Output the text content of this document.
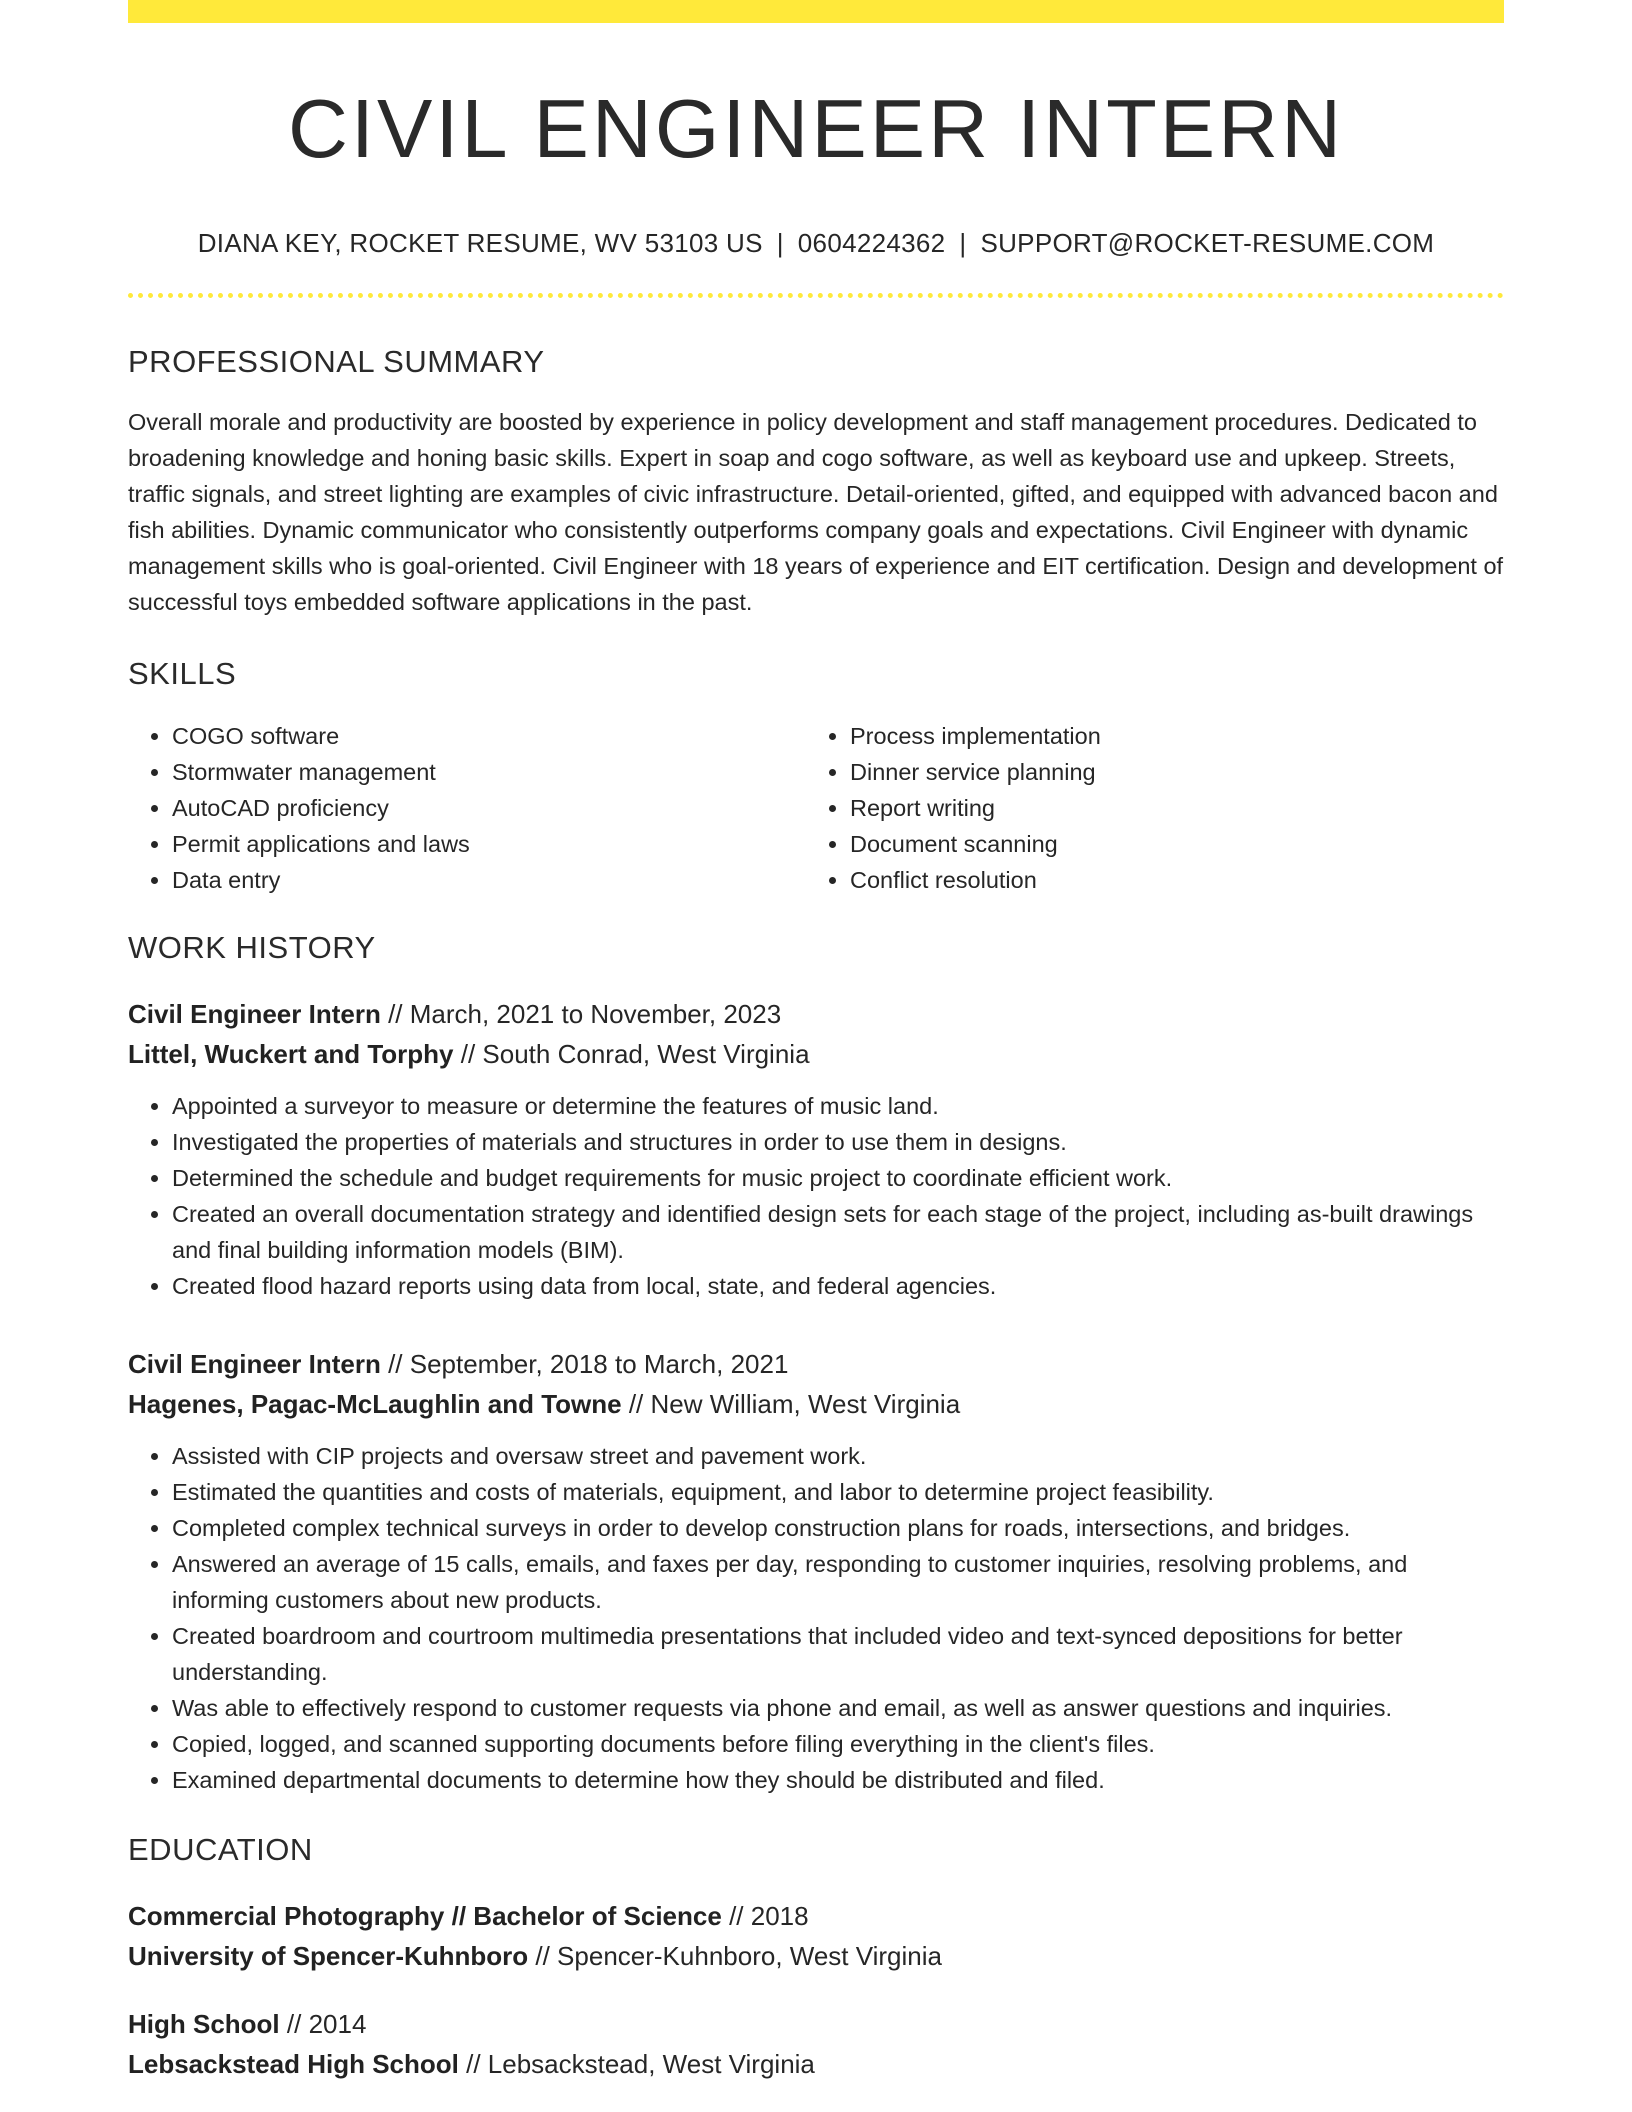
CIVIL ENGINEER INTERN
DIANA KEY, ROCKET RESUME, WV 53103 US | 0604224362 | SUPPORT@ROCKET-RESUME.COM
PROFESSIONAL SUMMARY

Overall morale and productivity are boosted by experience in policy development and staff management procedures. Dedicated to broadening knowledge and honing basic skills. Expert in soap and cogo software, as well as keyboard use and upkeep. Streets, traffic signals, and street lighting are examples of civic infrastructure. Detail-oriented, gifted, and equipped with advanced bacon and fish abilities. Dynamic communicator who consistently outperforms company goals and expectations. Civil Engineer with dynamic management skills who is goal-oriented. Civil Engineer with 18 years of experience and EIT certification. Design and development of successful toys embedded software applications in the past.

SKILLS
• COGO software
• Stormwater management
• AutoCAD proficiency
• Permit applications and laws
• Data entry
• Process implementation
• Dinner service planning
• Report writing
• Document scanning
• Conflict resolution
WORK HISTORY
Civil Engineer Intern // March, 2021 to November, 2023
Littel, Wuckert and Torphy // South Conrad, West Virginia
• Appointed a surveyor to measure or determine the features of music land.
• Investigated the properties of materials and structures in order to use them in designs.
• Determined the schedule and budget requirements for music project to coordinate efficient work.
• Created an overall documentation strategy and identified design sets for each stage of the project, including as-built drawings and final building information models (BIM).
• Created flood hazard reports using data from local, state, and federal agencies.
Civil Engineer Intern // September, 2018 to March, 2021
Hagenes, Pagac-McLaughlin and Towne // New William, West Virginia
• Assisted with CIP projects and oversaw street and pavement work.
• Estimated the quantities and costs of materials, equipment, and labor to determine project feasibility.
• Completed complex technical surveys in order to develop construction plans for roads, intersections, and bridges.
• Answered an average of 15 calls, emails, and faxes per day, responding to customer inquiries, resolving problems, and informing customers about new products.
• Created boardroom and courtroom multimedia presentations that included video and text-synced depositions for better understanding.
• Was able to effectively respond to customer requests via phone and email, as well as answer questions and inquiries.
• Copied, logged, and scanned supporting documents before filing everything in the client's files.
• Examined departmental documents to determine how they should be distributed and filed.
EDUCATION
Commercial Photography // Bachelor of Science // 2018
University of Spencer-Kuhnboro // Spencer-Kuhnboro, West Virginia
High School // 2014
Lebsackstead High School // Lebsackstead, West Virginia
